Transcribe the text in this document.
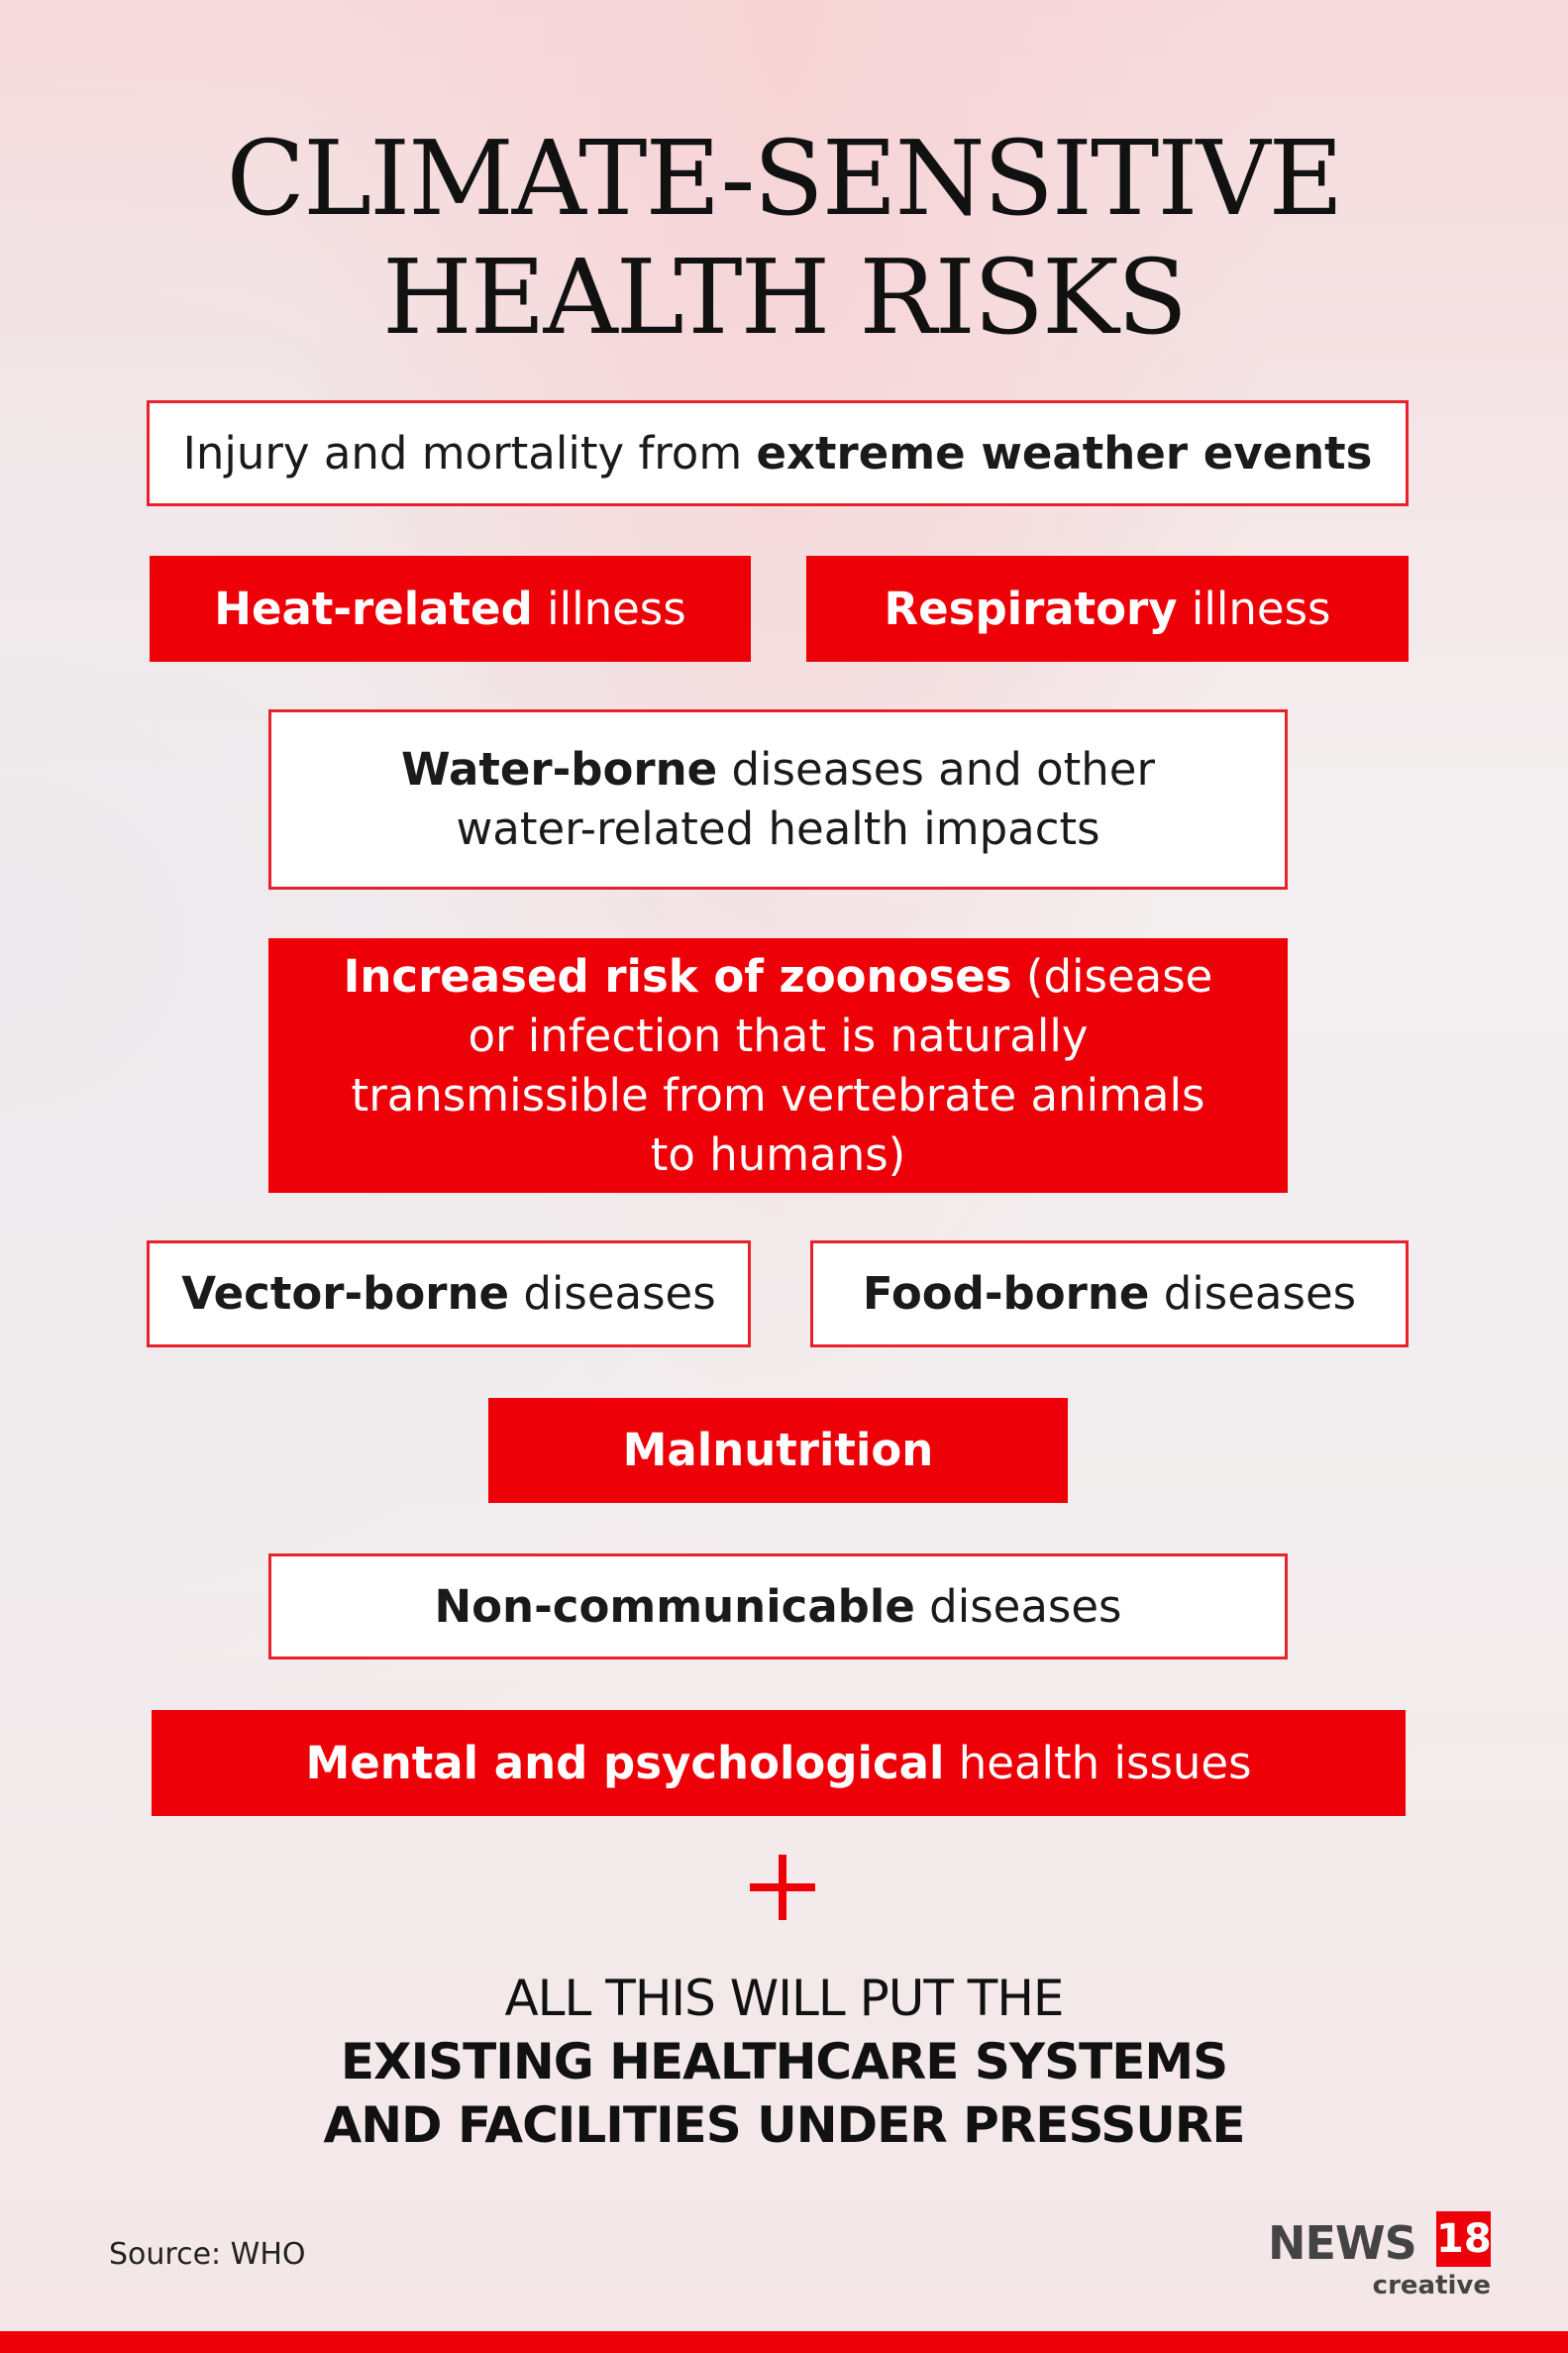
CLIMATE-SENSITIVE
HEALTH RISKS
Injury and mortality from extreme weather events
Heat-related illness	Respiratory illness
Water-borne diseases and other water-related health impacts
Increased risk of zoonoses (disease or infection that is naturally transmissible from vertebrate animals to humans)
Vector-borne diseases	Food-borne diseases
Malnutrition
Non-communicable diseases
Mental and psychological health issues
ALL THIS WILL PUT THE
EXISTING HEALTHCARE SYSTEMS
AND FACILITIES UNDER PRESSURE
Source: WHO	NEWS 18
creative
